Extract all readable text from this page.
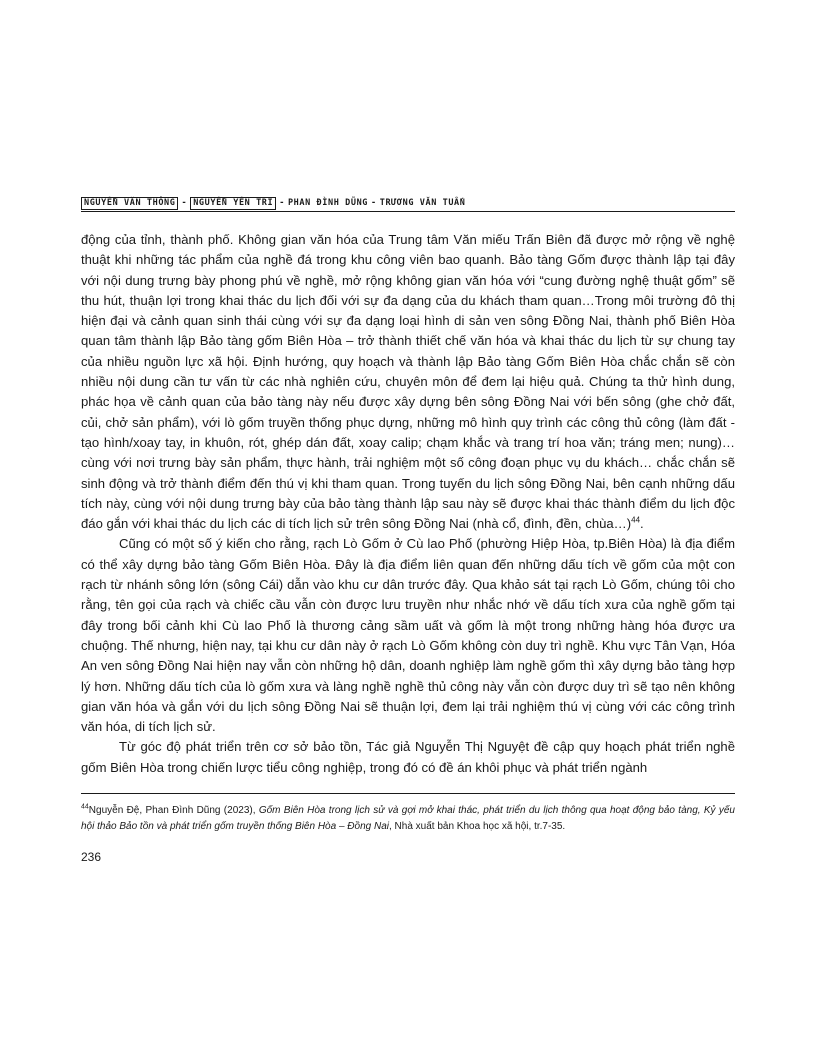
NGUYỄN VĂN THÔNG - NGUYỄN YÊN TRI - PHAN ĐÌNH DŨNG - TRƯƠNG VĂN TUẤN

động của tỉnh, thành phố. Không gian văn hóa của Trung tâm Văn miếu Trấn Biên đã được mở rộng về nghệ thuật khi những tác phẩm của nghề đá trong khu công viên bao quanh. Bảo tàng Gốm được thành lập tại đây với nội dung trưng bày phong phú về nghề, mở rộng không gian văn hóa với “cung đường nghệ thuật gốm” sẽ thu hút, thuận lợi trong khai thác du lịch đối với sự đa dạng của du khách tham quan…Trong môi trường đô thị hiện đại và cảnh quan sinh thái cùng với sự đa dạng loại hình di sản ven sông Đồng Nai, thành phố Biên Hòa quan tâm thành lập Bảo tàng gốm Biên Hòa – trở thành thiết chế văn hóa và khai thác du lịch từ sự chung tay của nhiều nguồn lực xã hội. Định hướng, quy hoạch và thành lập Bảo tàng Gốm Biên Hòa chắc chắn sẽ còn nhiều nội dung cần tư vấn từ các nhà nghiên cứu, chuyên môn để đem lại hiệu quả. Chúng ta thử hình dung, phác họa về cảnh quan của bảo tàng này nếu được xây dựng bên sông Đồng Nai với bến sông (ghe chở đất, củi, chở sản phẩm), với lò gốm truyền thống phục dựng, những mô hình quy trình các công thủ công (làm đất - tạo hình/xoay tay, in khuôn, rót, ghép dán đất, xoay calip; chạm khắc và trang trí hoa văn; tráng men; nung)… cùng với nơi trưng bày sản phẩm, thực hành, trải nghiệm một số công đoạn phục vụ du khách… chắc chắn sẽ sinh động và trở thành điểm đến thú vị khi tham quan. Trong tuyến du lịch sông Đồng Nai, bên cạnh những dấu tích này, cùng với nội dung trưng bày của bảo tàng thành lập sau này sẽ được khai thác thành điểm du lịch độc đáo gắn với khai thác du lịch các di tích lịch sử trên sông Đồng Nai (nhà cổ, đình, đền, chùa…)$^{44}$.

Cũng có một số ý kiến cho rằng, rạch Lò Gốm ở Cù lao Phố (phường Hiệp Hòa, tp.Biên Hòa) là địa điểm có thể xây dựng bảo tàng Gốm Biên Hòa. Đây là địa điểm liên quan đến những dấu tích về gốm của một con rạch từ nhánh sông lớn (sông Cái) dẫn vào khu cư dân trước đây. Qua khảo sát tại rạch Lò Gốm, chúng tôi cho rằng, tên gọi của rạch và chiếc cầu vẫn còn được lưu truyền như nhắc nhớ về dấu tích xưa của nghề gốm tại đây trong bối cảnh khi Cù lao Phố là thương cảng sầm uất và gốm là một trong những hàng hóa được ưa chuộng. Thế nhưng, hiện nay, tại khu cư dân này ở rạch Lò Gốm không còn duy trì nghề. Khu vực Tân Vạn, Hóa An ven sông Đồng Nai hiện nay vẫn còn những hộ dân, doanh nghiệp làm nghề gốm thì xây dựng bảo tàng hợp lý hơn. Những dấu tích của lò gốm xưa và làng nghề nghề thủ công này vẫn còn được duy trì sẽ tạo nên không gian văn hóa và gắn với du lịch sông Đồng Nai sẽ thuận lợi, đem lại trải nghiệm thú vị cùng với các công trình văn hóa, di tích lịch sử.

Từ góc độ phát triển trên cơ sở bảo tồn, Tác giả Nguyễn Thị Nguyệt đề cập quy hoạch phát triển nghề gốm Biên Hòa trong chiến lược tiểu công nghiệp, trong đó có đề án khôi phục và phát triển ngành

$^{44}$Nguyễn Đệ, Phan Đình Dũng (2023), Gốm Biên Hòa trong lịch sử và gợi mở khai thác, phát triển du lịch thông qua hoạt động bảo tàng, Kỷ yếu hội thảo Bảo tồn và phát triển gốm truyền thống Biên Hòa – Đồng Nai, Nhà xuất bản Khoa học xã hội, tr.7-35.
236
